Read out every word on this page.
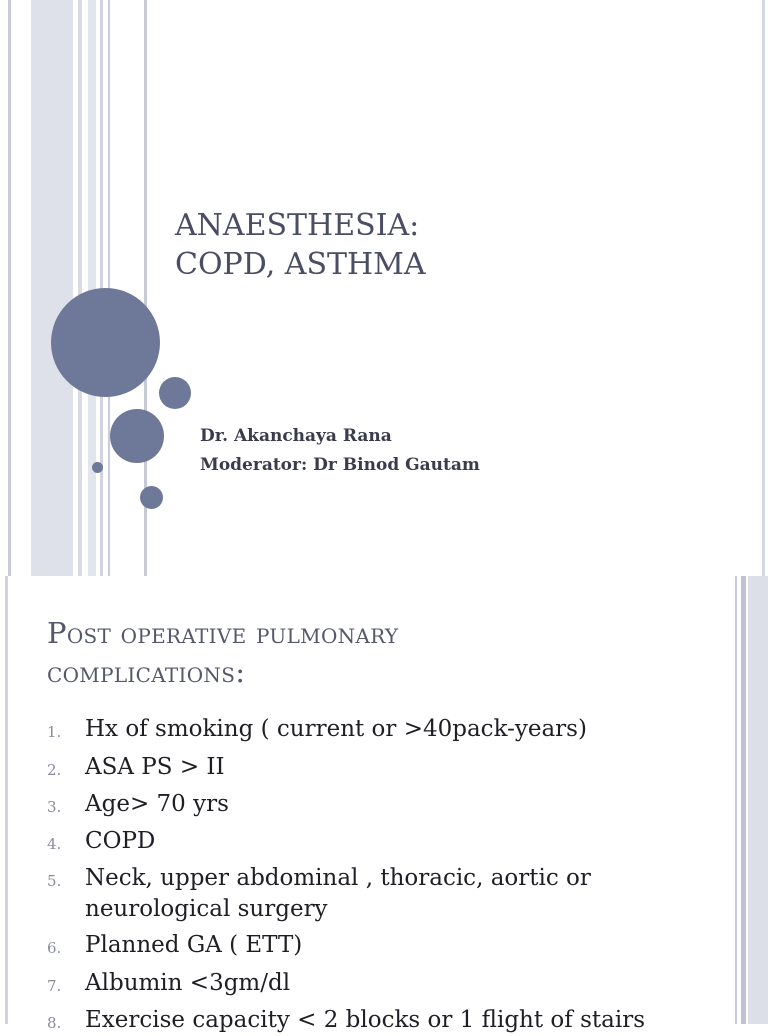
ANAESTHESIA:
COPD, ASTHMA
Dr. Akanchaya Rana
Moderator: Dr Binod Gautam
Post operative pulmonary
complications:
1. Hx of smoking ( current or >40pack-years)
2. ASA PS > II
3. Age> 70 yrs
4. COPD
5. Neck, upper abdominal , thoracic, aortic or
neurological surgery
6. Planned GA ( ETT)
7. Albumin <3gm/dl
8. Exercise capacity < 2 blocks or 1 flight of stairs
